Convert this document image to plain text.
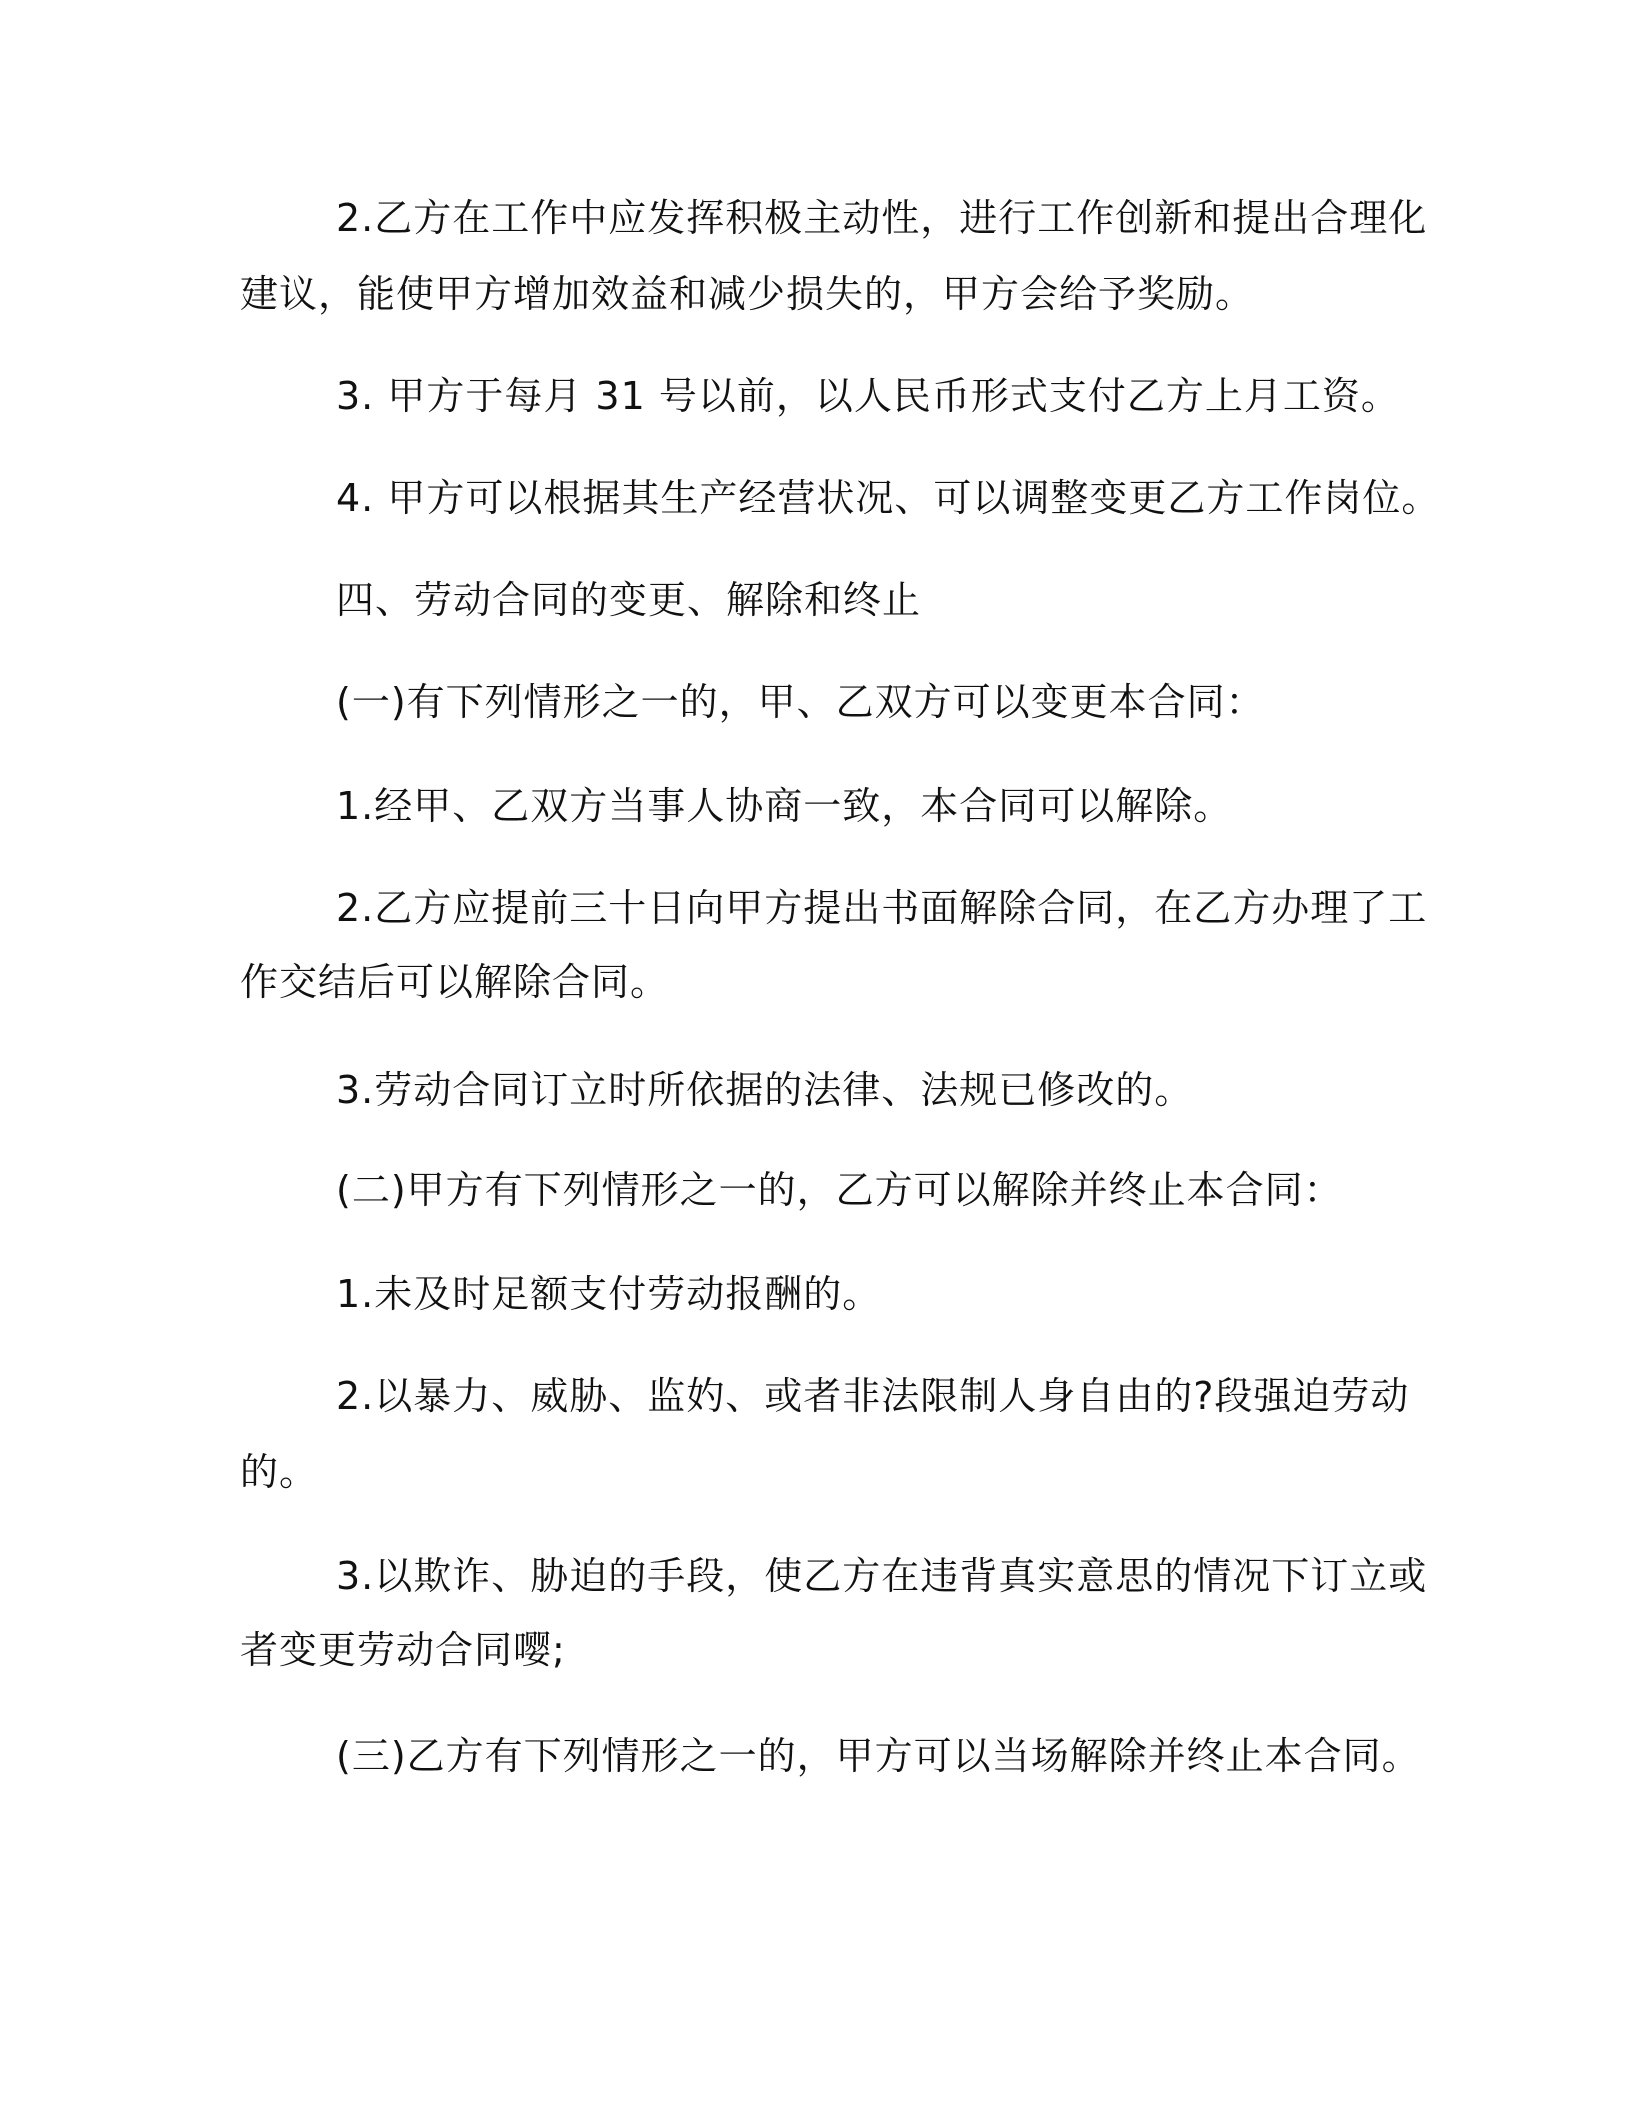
2.乙方在工作中应发挥积极主动性，进行工作创新和提出合理化
建议，能使甲方增加效益和减少损失的，甲方会给予奖励。
3. 甲方于每月 31 号以前，以人民币形式支付乙方上月工资。
4. 甲方可以根据其生产经营状况、可以调整变更乙方工作岗位。
四、劳动合同的变更、解除和终止
(一)有下列情形之一的，甲、乙双方可以变更本合同：
1.经甲、乙双方当事人协商一致，本合同可以解除。
2.乙方应提前三十日向甲方提出书面解除合同，在乙方办理了工
作交结后可以解除合同。
3.劳动合同订立时所依据的法律、法规已修改的。
(二)甲方有下列情形之一的，乙方可以解除并终止本合同：
1.未及时足额支付劳动报酬的。
2.以暴力、威胁、监妁、或者非法限制人身自由的?段强迫劳动
的。
3.以欺诈、胁迫的手段，使乙方在违背真实意思的情况下订立或
者变更劳动合同嘤;
(三)乙方有下列情形之一的，甲方可以当场解除并终止本合同。
